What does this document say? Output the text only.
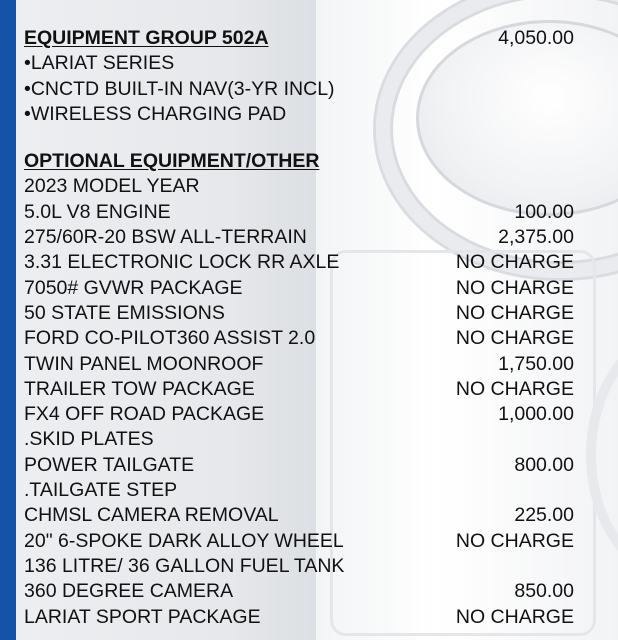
EQUIPMENT GROUP 502A	4,050.00
•LARIAT SERIES
•CNCTD BUILT-IN NAV(3-YR INCL)
•WIRELESS CHARGING PAD
OPTIONAL EQUIPMENT/OTHER
2023 MODEL YEAR
5.0L V8 ENGINE	100.00
275/60R-20 BSW ALL-TERRAIN	2,375.00
3.31 ELECTRONIC LOCK RR AXLE	NO CHARGE
7050# GVWR PACKAGE	NO CHARGE
50 STATE EMISSIONS	NO CHARGE
FORD CO-PILOT360 ASSIST 2.0	NO CHARGE
TWIN PANEL MOONROOF	1,750.00
TRAILER TOW PACKAGE	NO CHARGE
FX4 OFF ROAD PACKAGE	1,000.00
.SKID PLATES
POWER TAILGATE	800.00
.TAILGATE STEP
CHMSL CAMERA REMOVAL	225.00
20" 6-SPOKE DARK ALLOY WHEEL	NO CHARGE
136 LITRE/ 36 GALLON FUEL TANK
360 DEGREE CAMERA	850.00
LARIAT SPORT PACKAGE	NO CHARGE
